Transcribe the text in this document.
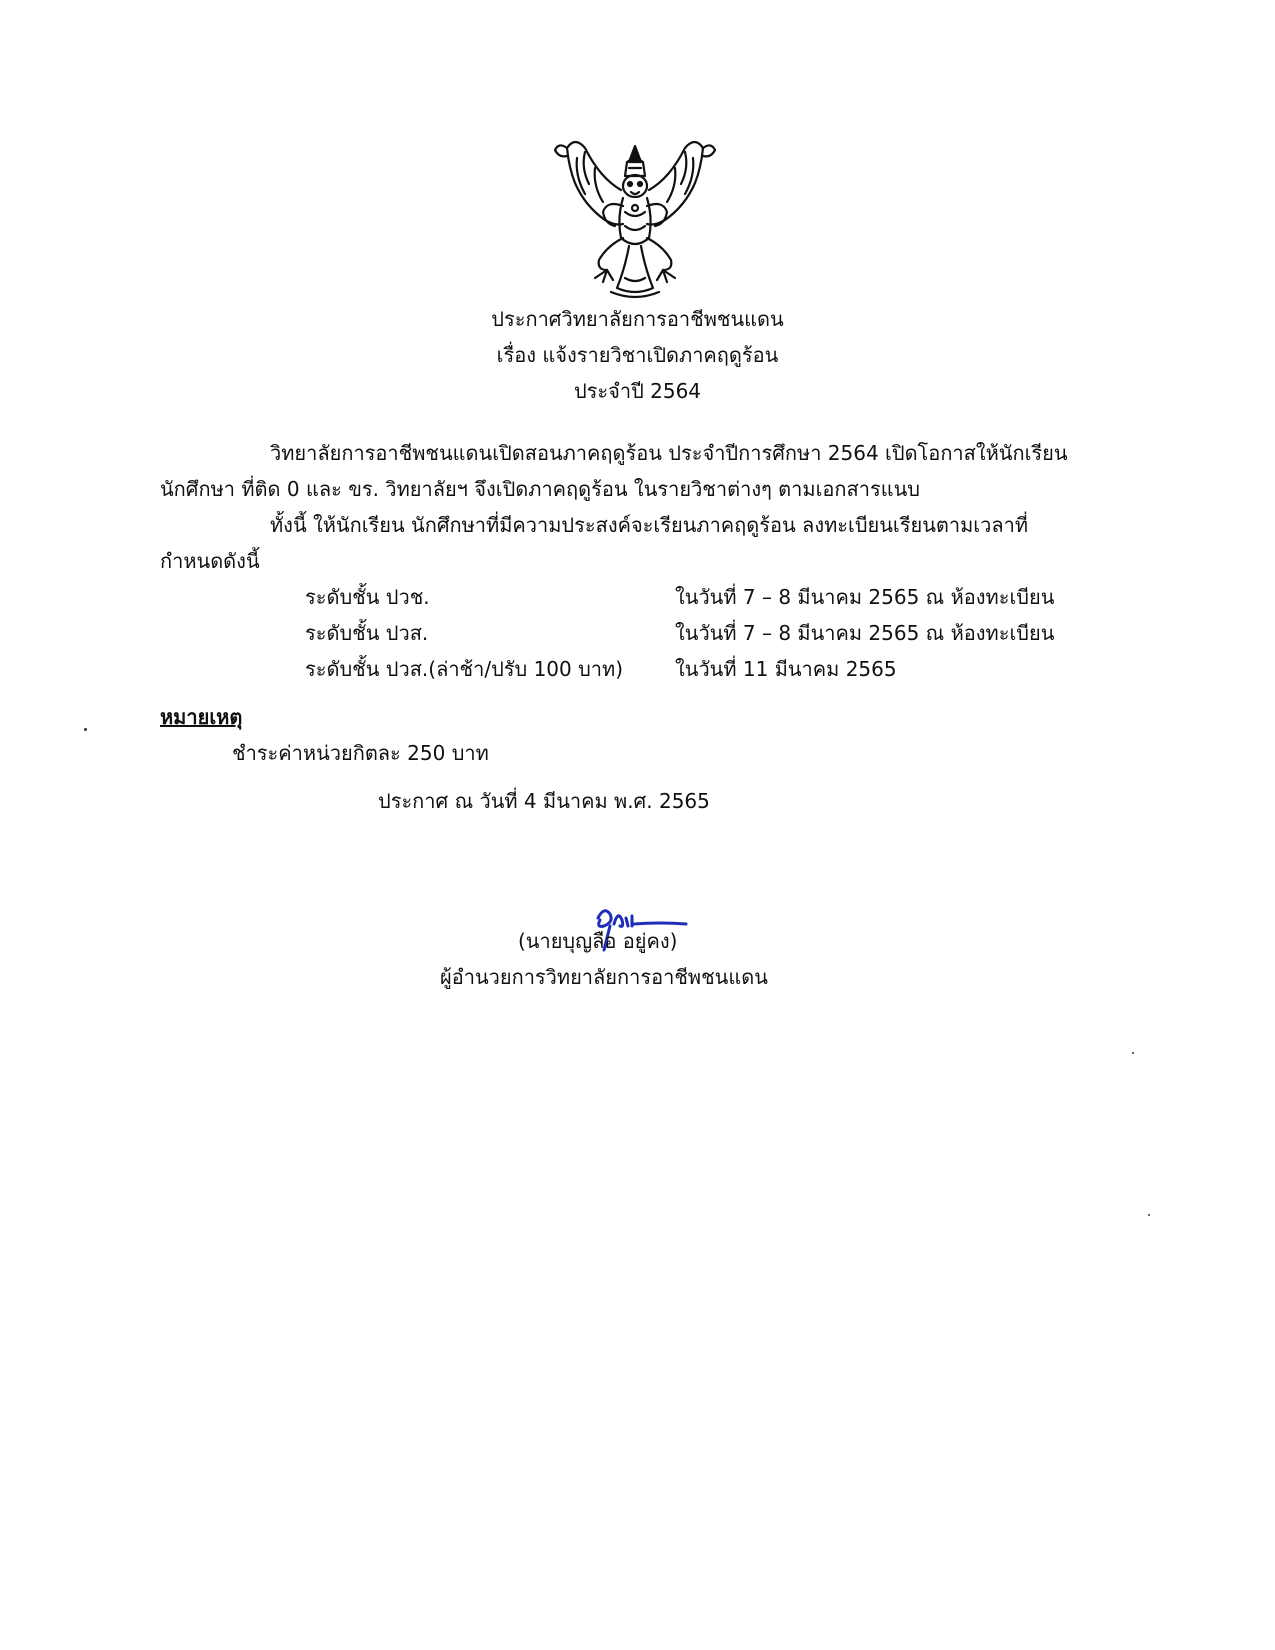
ประกาศวิทยาลัยการอาชีพชนแดน
เรื่อง แจ้งรายวิชาเปิดภาคฤดูร้อน
ประจำปี 2564
วิทยาลัยการอาชีพชนแดนเปิดสอนภาคฤดูร้อน ประจำปีการศึกษา 2564 เปิดโอกาสให้นักเรียน
นักศึกษา ที่ติด 0 และ ขร. วิทยาลัยฯ จึงเปิดภาคฤดูร้อน ในรายวิชาต่างๆ ตามเอกสารแนบ
ทั้งนี้ ให้นักเรียน นักศึกษาที่มีความประสงค์จะเรียนภาคฤดูร้อน ลงทะเบียนเรียนตามเวลาที่
กำหนดดังนี้
ระดับชั้น ปวช.	ในวันที่ 7 – 8 มีนาคม 2565 ณ ห้องทะเบียน
ระดับชั้น ปวส.	ในวันที่ 7 – 8 มีนาคม 2565 ณ ห้องทะเบียน
ระดับชั้น ปวส.(ล่าช้า/ปรับ 100 บาท)	ในวันที่ 11 มีนาคม 2565
หมายเหตุ
ชำระค่าหน่วยกิตละ 250 บาท
ประกาศ ณ วันที่ 4 มีนาคม พ.ศ. 2565
(นายบุญลือ อยู่คง)
ผู้อำนวยการวิทยาลัยการอาชีพชนแดน
